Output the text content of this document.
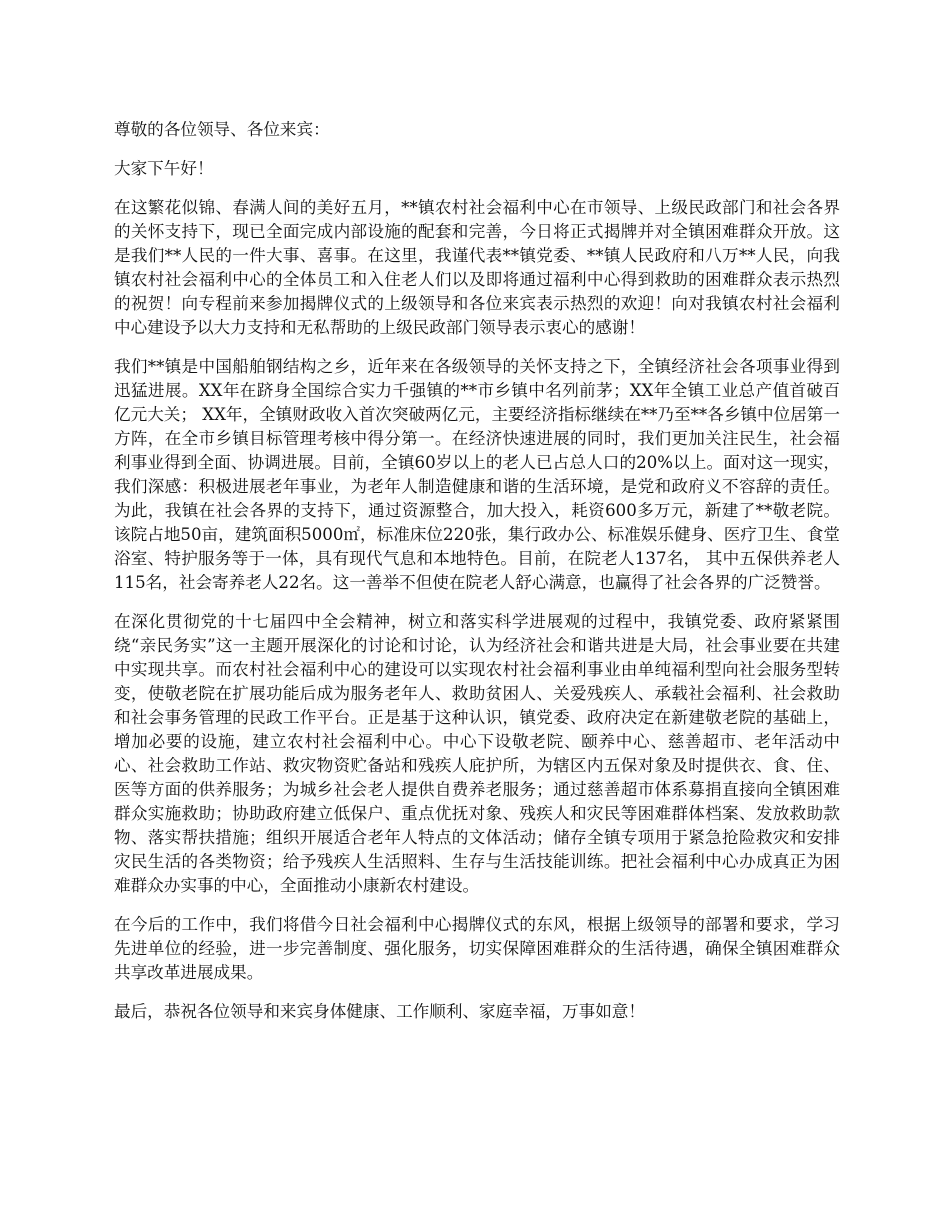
尊敬的各位领导、各位来宾：

大家下午好！

在这繁花似锦、春满人间的美好五月，**镇农村社会福利中心在市领导、上级民政部门和社会各界的关怀支持下，现已全面完成内部设施的配套和完善，今日将正式揭牌并对全镇困难群众开放。这是我们**人民的一件大事、喜事。在这里，我谨代表**镇党委、**镇人民政府和八万**人民，向我镇农村社会福利中心的全体员工和入住老人们以及即将通过福利中心得到救助的困难群众表示热烈的祝贺！向专程前来参加揭牌仪式的上级领导和各位来宾表示热烈的欢迎！向对我镇农村社会福利中心建设予以大力支持和无私帮助的上级民政部门领导表示衷心的感谢！

我们**镇是中国船舶钢结构之乡，近年来在各级领导的关怀支持之下，全镇经济社会各项事业得到迅猛进展。XX年在跻身全国综合实力千强镇的**市乡镇中名列前茅；XX年全镇工业总产值首破百亿元大关； XX年，全镇财政收入首次突破两亿元，主要经济指标继续在**乃至**各乡镇中位居第一方阵，在全市乡镇目标管理考核中得分第一。在经济快速进展的同时，我们更加关注民生，社会福利事业得到全面、协调进展。目前，全镇60岁以上的老人已占总人口的20%以上。面对这一现实，我们深感：积极进展老年事业，为老年人制造健康和谐的生活环境，是党和政府义不容辞的责任。为此，我镇在社会各界的支持下，通过资源整合，加大投入，耗资600多万元，新建了**敬老院。该院占地50亩，建筑面积5000㎡，标准床位220张，集行政办公、标准娱乐健身、医疗卫生、食堂浴室、特护服务等于一体，具有现代气息和本地特色。目前，在院老人137名， 其中五保供养老人115名，社会寄养老人22名。这一善举不但使在院老人舒心满意，也赢得了社会各界的广泛赞誉。

在深化贯彻党的十七届四中全会精神，树立和落实科学进展观的过程中，我镇党委、政府紧紧围绕“亲民务实”这一主题开展深化的讨论和讨论，认为经济社会和谐共进是大局，社会事业要在共建中实现共享。而农村社会福利中心的建设可以实现农村社会福利事业由单纯福利型向社会服务型转变，使敬老院在扩展功能后成为服务老年人、救助贫困人、关爱残疾人、承载社会福利、社会救助和社会事务管理的民政工作平台。正是基于这种认识，镇党委、政府决定在新建敬老院的基础上，增加必要的设施，建立农村社会福利中心。中心下设敬老院、颐养中心、慈善超市、老年活动中心、社会救助工作站、救灾物资贮备站和残疾人庇护所，为辖区内五保对象及时提供衣、食、住、医等方面的供养服务；为城乡社会老人提供自费养老服务；通过慈善超市体系募捐直接向全镇困难群众实施救助；协助政府建立低保户、重点优抚对象、残疾人和灾民等困难群体档案、发放救助款物、落实帮扶措施；组织开展适合老年人特点的文体活动；储存全镇专项用于紧急抢险救灾和安排灾民生活的各类物资；给予残疾人生活照料、生存与生活技能训练。把社会福利中心办成真正为困难群众办实事的中心，全面推动小康新农村建设。

在今后的工作中，我们将借今日社会福利中心揭牌仪式的东风，根据上级领导的部署和要求，学习先进单位的经验，进一步完善制度、强化服务，切实保障困难群众的生活待遇，确保全镇困难群众共享改革进展成果。

最后，恭祝各位领导和来宾身体健康、工作顺利、家庭幸福，万事如意！
